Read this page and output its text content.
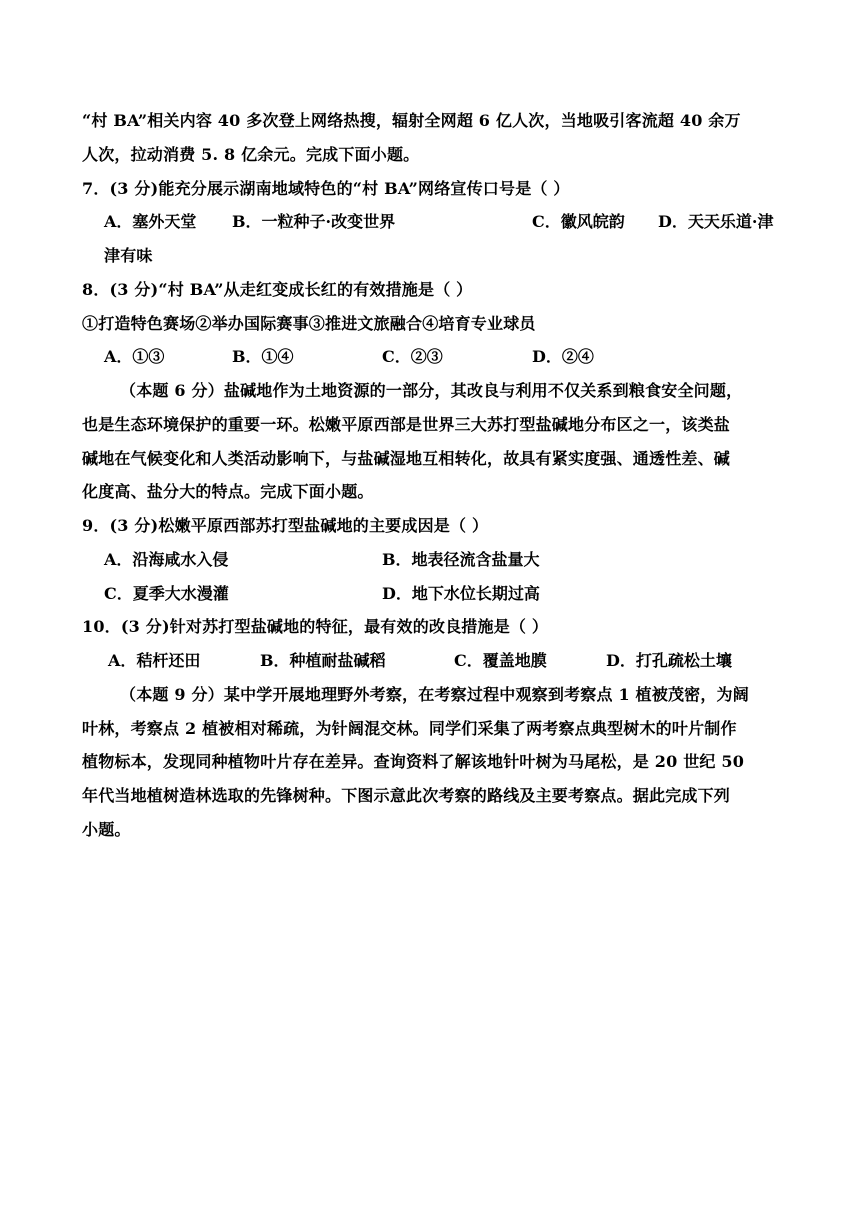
“村 BA”相关内容 40 多次登上网络热搜，辐射全网超 6 亿人次，当地吸引客流超 40 余万
人次，拉动消费 5. 8 亿余元。完成下面小题。
7．(3 分)能充分展示湖南地域特色的“村 BA”网络宣传口号是（ ）
A．塞外天堂 B．一粒种子·改变世界	C．徽风皖韵 D．天天乐道·津
津有味
8．(3 分)“村 BA”从走红变成长红的有效措施是（ ）
①打造特色赛场②举办国际赛事③推进文旅融合④培育专业球员
A．①③	B．①④	C．②③	D．②④
（本题 6 分）盐碱地作为土地资源的一部分，其改良与利用不仅关系到粮食安全问题，
也是生态环境保护的重要一环。松嫩平原西部是世界三大苏打型盐碱地分布区之一，该类盐
碱地在气候变化和人类活动影响下，与盐碱湿地互相转化，故具有紧实度强、通透性差、碱
化度高、盐分大的特点。完成下面小题。
9．(3 分)松嫩平原西部苏打型盐碱地的主要成因是（ ）
A．沿海咸水入侵	B．地表径流含盐量大
C．夏季大水漫灌	D．地下水位长期过高
10．(3 分)针对苏打型盐碱地的特征，最有效的改良措施是（ ）
A．秸杆还田	B．种植耐盐碱稻	C．覆盖地膜	D．打孔疏松土壤
（本题 9 分）某中学开展地理野外考察，在考察过程中观察到考察点 1 植被茂密，为阔
叶林，考察点 2 植被相对稀疏，为针阔混交林。同学们采集了两考察点典型树木的叶片制作
植物标本，发现同种植物叶片存在差异。查询资料了解该地针叶树为马尾松，是 20 世纪 50
年代当地植树造林选取的先锋树种。下图示意此次考察的路线及主要考察点。据此完成下列
小题。
